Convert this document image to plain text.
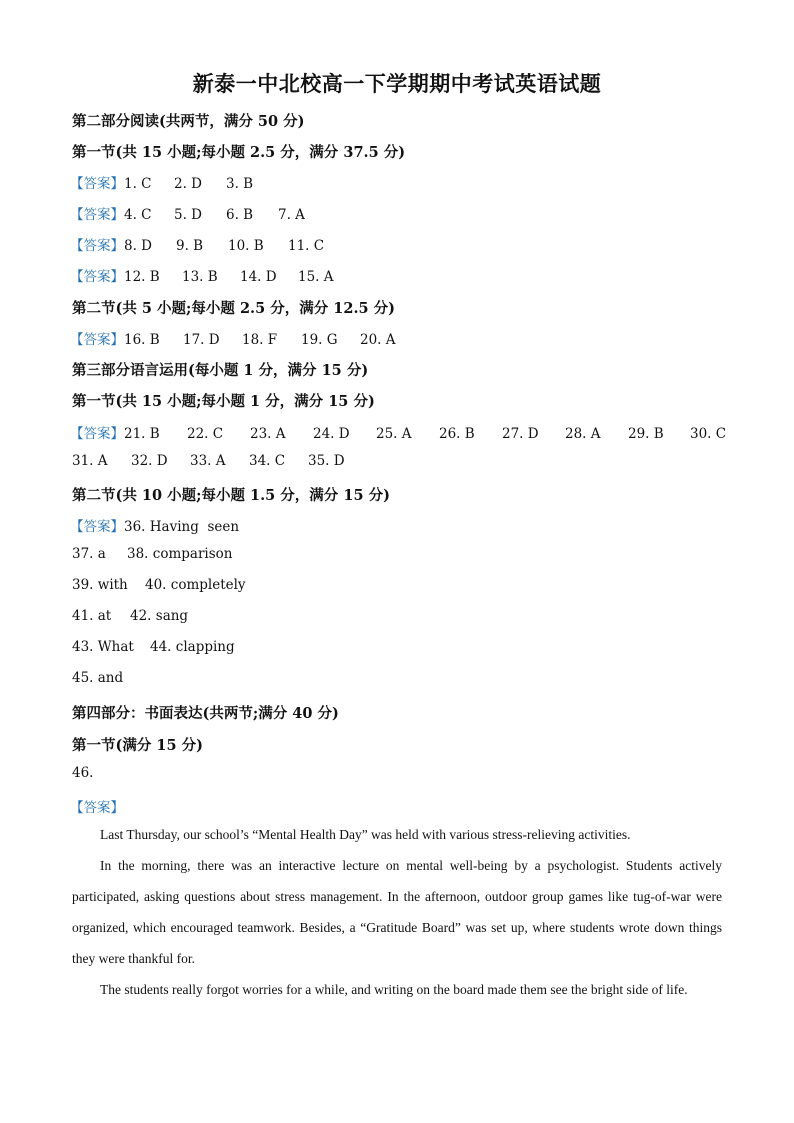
新泰一中北校高一下学期期中考试英语试题
第二部分阅读(共两节，满分 50 分)
第一节(共 15 小题;每小题 2.5 分，满分 37.5 分)
【答案】1. C 2. D 3. B
【答案】4. C 5. D 6. B 7. A
【答案】8. D 9. B 10. B 11. C
【答案】12. B 13. B 14. D 15. A
第二节(共 5 小题;每小题 2.5 分，满分 12.5 分)
【答案】16. B 17. D 18. F 19. G 20. A
第三部分语言运用(每小题 1 分，满分 15 分)
第一节(共 15 小题;每小题 1 分，满分 15 分)
【答案】21. B 22. C 23. A 24. D 25. A 26. B 27. D 28. A 29. B 30. C
31. A 32. D 33. A 34. C 35. D
第二节(共 10 小题;每小题 1.5 分，满分 15 分)
【答案】36. Having  seen
37. a 38. comparison
39. with 40. completely
41. at 42. sang
43. What 44. clapping
45. and
第四部分：书面表达(共两节;满分 40 分)
第一节(满分 15 分)
46.
【答案】
Last Thursday, our school’s “Mental Health Day” was held with various stress-relieving activities.
In the morning, there was an interactive lecture on mental well-being by a psychologist. Students actively participated, asking questions about stress management. In the afternoon, outdoor group games like tug-of-war were organized, which encouraged teamwork. Besides, a “Gratitude Board” was set up, where students wrote down things they were thankful for.
The students really forgot worries for a while, and writing on the board made them see the bright side of life.
